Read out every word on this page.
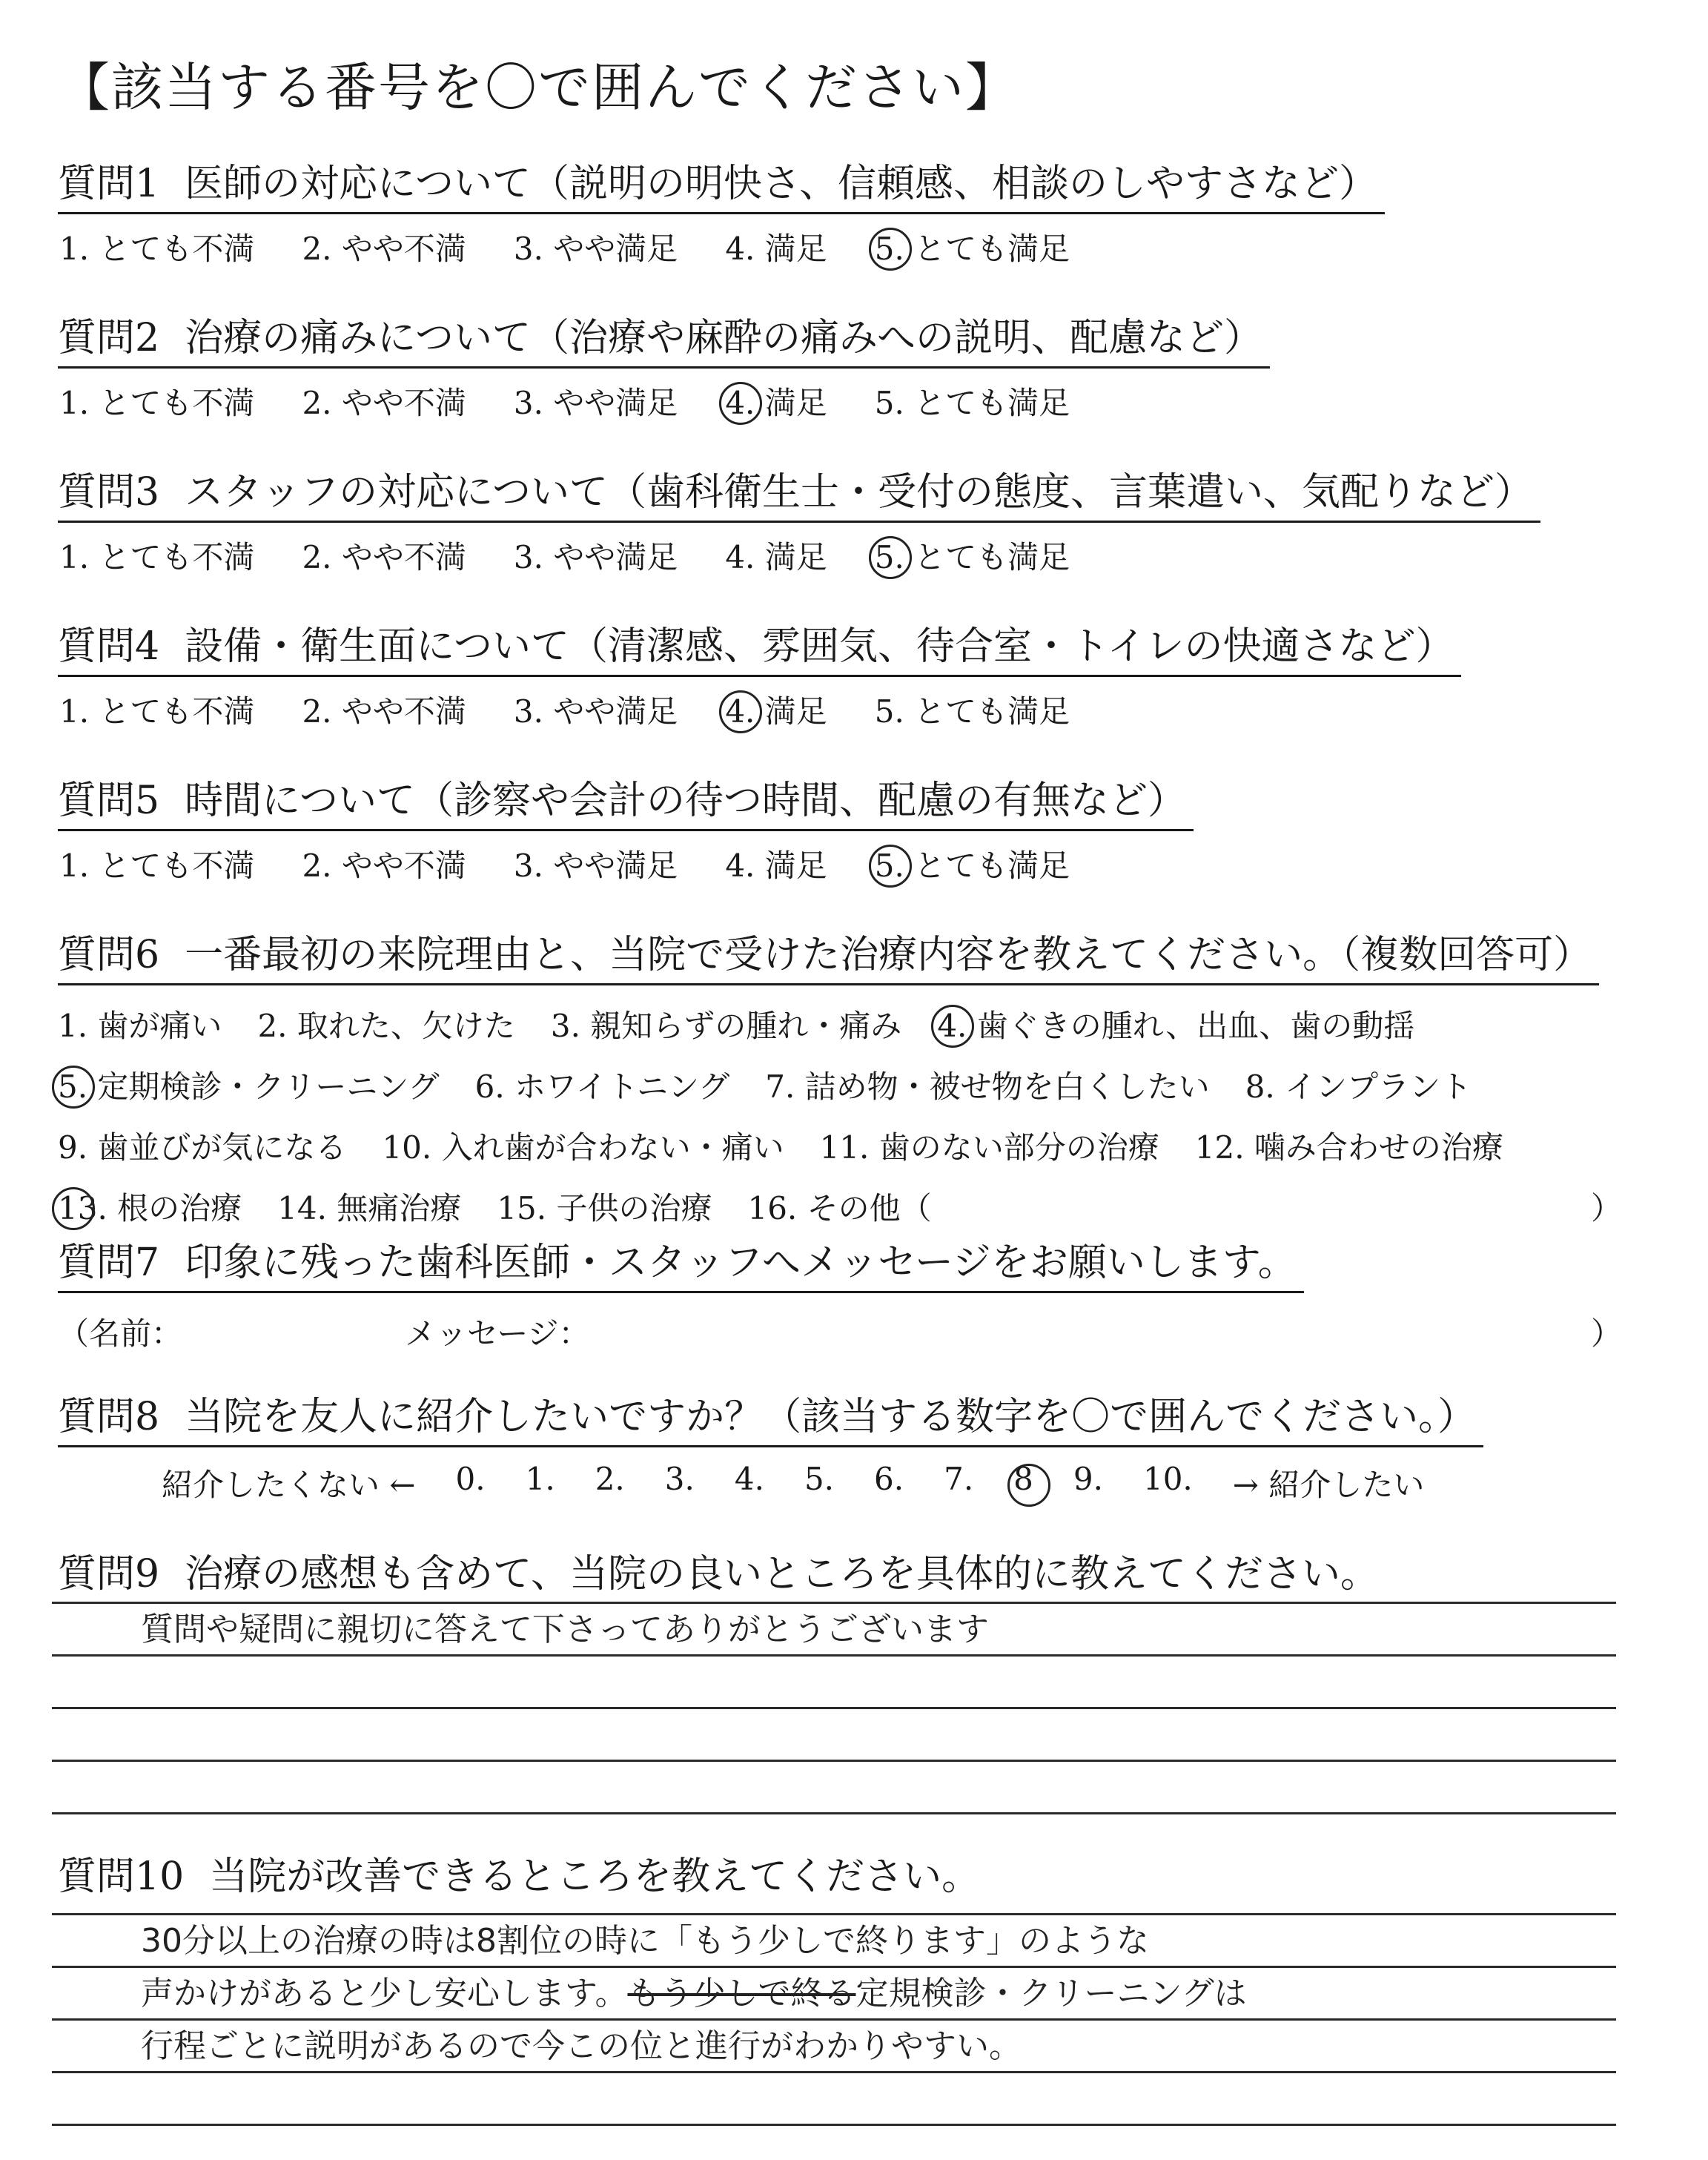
【該当する番号を〇で囲んでください】
質問1 医師の対応について（説明の明快さ、信頼感、相談のしやすさなど）
1. とても不満 2. やや不満 3. やや満足 4. 満足 5. とても満足
質問2 治療の痛みについて（治療や麻酔の痛みへの説明、配慮など）
1. とても不満 2. やや不満 3. やや満足 4. 満足 5. とても満足
質問3 スタッフの対応について（歯科衛生士・受付の態度、言葉遣い、気配りなど）
1. とても不満 2. やや不満 3. やや満足 4. 満足 5. とても満足
質問4 設備・衛生面について（清潔感、雰囲気、待合室・トイレの快適さなど）
1. とても不満 2. やや不満 3. やや満足 4. 満足 5. とても満足
質問5 時間について（診察や会計の待つ時間、配慮の有無など）
1. とても不満 2. やや不満 3. やや満足 4. 満足 5. とても満足
質問6 一番最初の来院理由と、当院で受けた治療内容を教えてください。（複数回答可）
1. 歯が痛い 2. 取れた、欠けた 3. 親知らずの腫れ・痛み 4. 歯ぐきの腫れ、出血、歯の動揺
5. 定期検診・クリーニング 6. ホワイトニング 7. 詰め物・被せ物を白くしたい 8. インプラント
9. 歯並びが気になる 10. 入れ歯が合わない・痛い 11. 歯のない部分の治療 12. 噛み合わせの治療
13. 根の治療 14. 無痛治療 15. 子供の治療 16. その他（	）
質問7 印象に残った歯科医師・スタッフへメッセージをお願いします。
（名前：	メッセージ：	）
質問8 当院を友人に紹介したいですか？（該当する数字を〇で囲んでください。）
紹介したくない ← 0. 1. 2. 3. 4. 5. 6. 7. 8 9. 10. → 紹介したい
質問9 治療の感想も含めて、当院の良いところを具体的に教えてください。
質問や疑問に親切に答えて下さってありがとうございます
質問10 当院が改善できるところを教えてください。
30分以上の治療の時は8割位の時に「もう少しで終ります」のような
声かけがあると少し安心します。もう少しで終る定規検診・クリーニングは
行程ごとに説明があるので今この位と進行がわかりやすい。
